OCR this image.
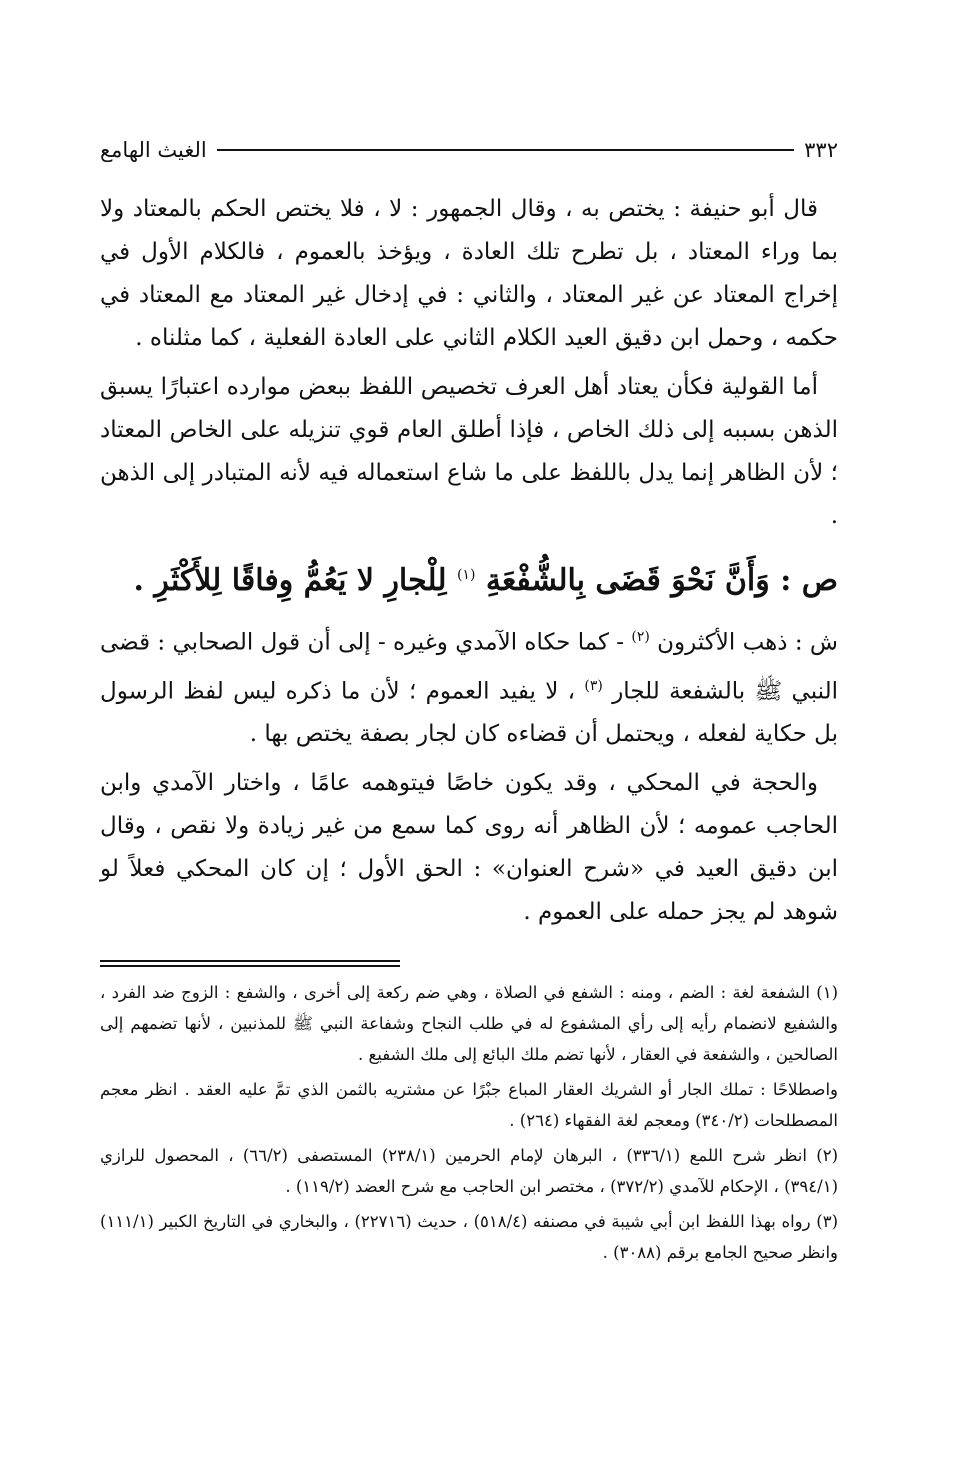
٣٣٢
الغيث الهامع

قال أبو حنيفة : يختص به ، وقال الجمهور : لا ، فلا يختص الحكم بالمعتاد ولا بما وراء المعتاد ، بل تطرح تلك العادة ، ويؤخذ بالعموم ، فالكلام الأول في إخراج المعتاد عن غير المعتاد ، والثاني : في إدخال غير المعتاد مع المعتاد في حكمه ، وحمل ابن دقيق العيد الكلام الثاني على العادة الفعلية ، كما مثلناه .

أما القولية فكأن يعتاد أهل العرف تخصيص اللفظ ببعض موارده اعتبارًا يسبق الذهن بسببه إلى ذلك الخاص ، فإذا أطلق العام قوي تنزيله على الخاص المعتاد ؛ لأن الظاهر إنما يدل باللفظ على ما شاع استعماله فيه لأنه المتبادر إلى الذهن .

ص : وَأَنَّ نَحْوَ قَضَى بِالشُّفْعَةِ $^{(١)}$ لِلْجارِ لا يَعُمُّ وِفاقًا لِلأَكْثَرِ .

ش : ذهب الأكثرون $^{(٢)}$ - كما حكاه الآمدي وغيره - إلى أن قول الصحابي : قضى النبي ﷺ بالشفعة للجار $^{(٣)}$ ، لا يفيد العموم ؛ لأن ما ذكره ليس لفظ الرسول بل حكاية لفعله ، ويحتمل أن قضاءه كان لجار بصفة يختص بها .

والحجة في المحكي ، وقد يكون خاصًا فيتوهمه عامًا ، واختار الآمدي وابن الحاجب عمومه ؛ لأن الظاهر أنه روى كما سمع من غير زيادة ولا نقص ، وقال ابن دقيق العيد في «شرح العنوان» : الحق الأول ؛ إن كان المحكي فعلاً لو شوهد لم يجز حمله على العموم .

(١) الشفعة لغة : الضم ، ومنه : الشفع في الصلاة ، وهي ضم ركعة إلى أخرى ، والشفع : الزوج ضد الفرد ، والشفيع لانضمام رأيه إلى رأي المشفوع له في طلب النجاح وشفاعة النبي ﷺ للمذنبين ، لأنها تضمهم إلى الصالحين ، والشفعة في العقار ، لأنها تضم ملك البائع إلى ملك الشفيع .

واصطلاحًا : تملك الجار أو الشريك العقار المباع جبْرًا عن مشتريه بالثمن الذي تمَّ عليه العقد . انظر معجم المصطلحات (٣٤٠/٢) ومعجم لغة الفقهاء (٢٦٤) .

(٢) انظر شرح اللمع (٣٣٦/١) ، البرهان لإمام الحرمين (٢٣٨/١) المستصفى (٦٦/٢) ، المحصول للرازي (٣٩٤/١) ، الإحكام للآمدي (٣٧٢/٢) ، مختصر ابن الحاجب مع شرح العضد (١١٩/٢) .

(٣) رواه بهذا اللفظ ابن أبي شيبة في مصنفه (٥١٨/٤) ، حديث (٢٢٧١٦) ، والبخاري في التاريخ الكبير (١١١/١) وانظر صحيح الجامع برقم (٣٠٨٨) .
